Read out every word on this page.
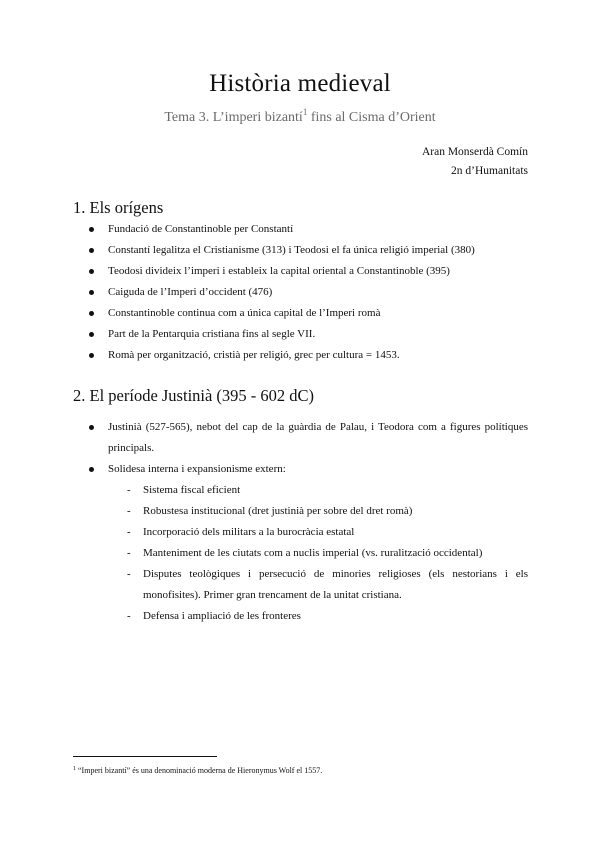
Història medieval
Tema 3. L’imperi bizantí$^1$ fins al Cisma d’Orient
Aran Monserdà Comín
2n d’Humanitats
1. Els orígens
Fundació de Constantinoble per Constantí
Constantí legalitza el Cristianisme (313) i Teodosi el fa única religió imperial (380)
Teodosi divideix l’imperi i estableix la capital oriental a Constantinoble (395)
Caiguda de l’Imperi d’occident (476)
Constantinoble continua com a única capital de l’Imperi romà
Part de la Pentarquia cristiana fins al segle VII.
Romà per organització, cristià per religió, grec per cultura = 1453.
2. El període Justinià (395 - 602 dC)
Justinià (527-565), nebot del cap de la guàrdia de Palau, i Teodora com a figures polítiques principals.
Solidesa interna i expansionisme extern:
- Sistema fiscal eficient
- Robustesa institucional (dret justinià per sobre del dret romà)
- Incorporació dels militars a la burocràcia estatal
- Manteniment de les ciutats com a nuclis imperial (vs. ruralització occidental)
- Disputes teològiques i persecució de minories religioses (els nestorians i els monofisites). Primer gran trencament de la unitat cristiana.
- Defensa i ampliació de les fronteres
$^1$ “Imperi bizantí” és una denominació moderna de Hieronymus Wolf el 1557.
